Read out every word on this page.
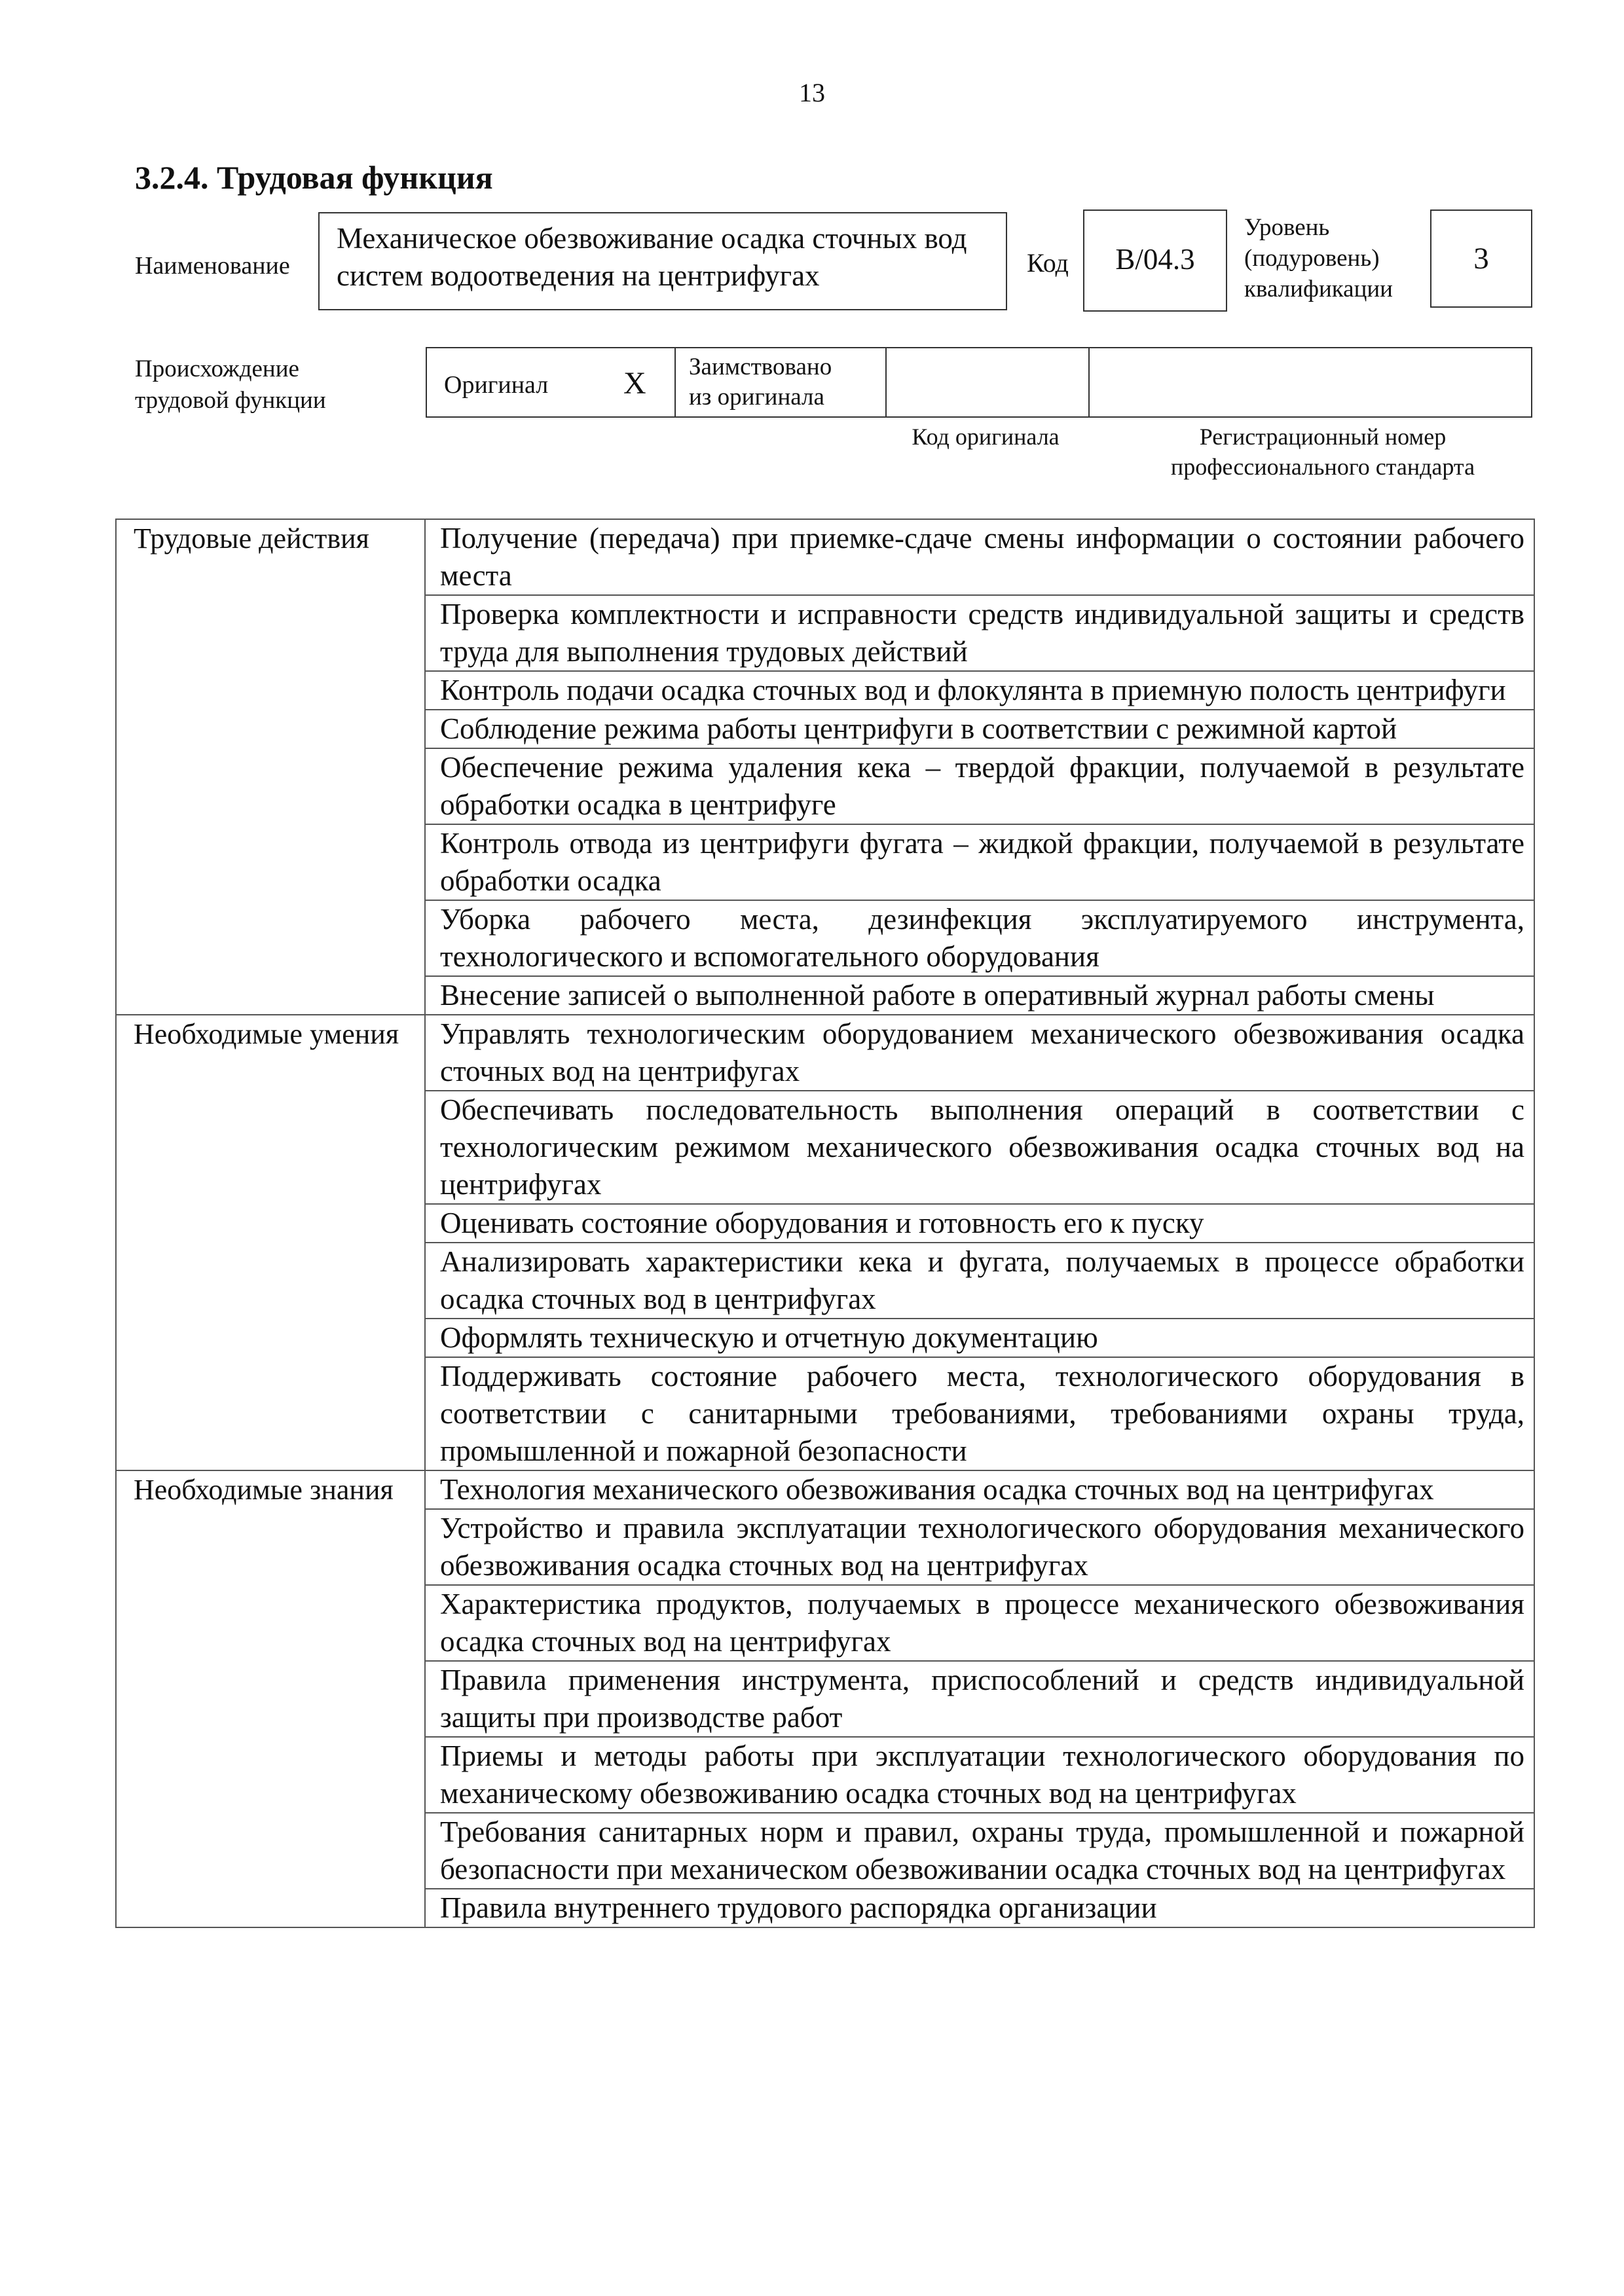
13
3.2.4. Трудовая функция
Наименование
Механическое обезвоживание осадка сточных вод систем водоотведения на центрифугах	Код	B/04.3
Уровень
(подуровень)
квалификации
3
Происхождение
трудовой функции
Оригинал X Заимствовано
из оригинала
Код оригинала	Регистрационный номер
профессионального стандарта
Трудовые действия	Получение (передача) при приемке-сдаче смены информации о состоянии рабочего места
	Проверка комплектности и исправности средств индивидуальной защиты и средств труда для выполнения трудовых действий
	Контроль подачи осадка сточных вод и флокулянта в приемную полость центрифуги
	Соблюдение режима работы центрифуги в соответствии с режимной картой
	Обеспечение режима удаления кека – твердой фракции, получаемой в результате обработки осадка в центрифуге
	Контроль отвода из центрифуги фугата – жидкой фракции, получаемой в результате обработки осадка
	Уборка рабочего места, дезинфекция эксплуатируемого инструмента, технологического и вспомогательного оборудования
	Внесение записей о выполненной работе в оперативный журнал работы смены
Необходимые умения	Управлять технологическим оборудованием механического обезвоживания осадка сточных вод на центрифугах
	Обеспечивать последовательность выполнения операций в соответствии с технологическим режимом механического обезвоживания осадка сточных вод на центрифугах
	Оценивать состояние оборудования и готовность его к пуску
	Анализировать характеристики кека и фугата, получаемых в процессе обработки осадка сточных вод в центрифугах
	Оформлять техническую и отчетную документацию
	Поддерживать состояние рабочего места, технологического оборудования в соответствии с санитарными требованиями, требованиями охраны труда, промышленной и пожарной безопасности
Необходимые знания	Технология механического обезвоживания осадка сточных вод на центрифугах
	Устройство и правила эксплуатации технологического оборудования механического обезвоживания осадка сточных вод на центрифугах
	Характеристика продуктов, получаемых в процессе механического обезвоживания осадка сточных вод на центрифугах
	Правила применения инструмента, приспособлений и средств индивидуальной защиты при производстве работ
	Приемы и методы работы при эксплуатации технологического оборудования по механическому обезвоживанию осадка сточных вод на центрифугах
	Требования санитарных норм и правил, охраны труда, промышленной и пожарной безопасности при механическом обезвоживании осадка сточных вод на центрифугах
	Правила внутреннего трудового распорядка организации
